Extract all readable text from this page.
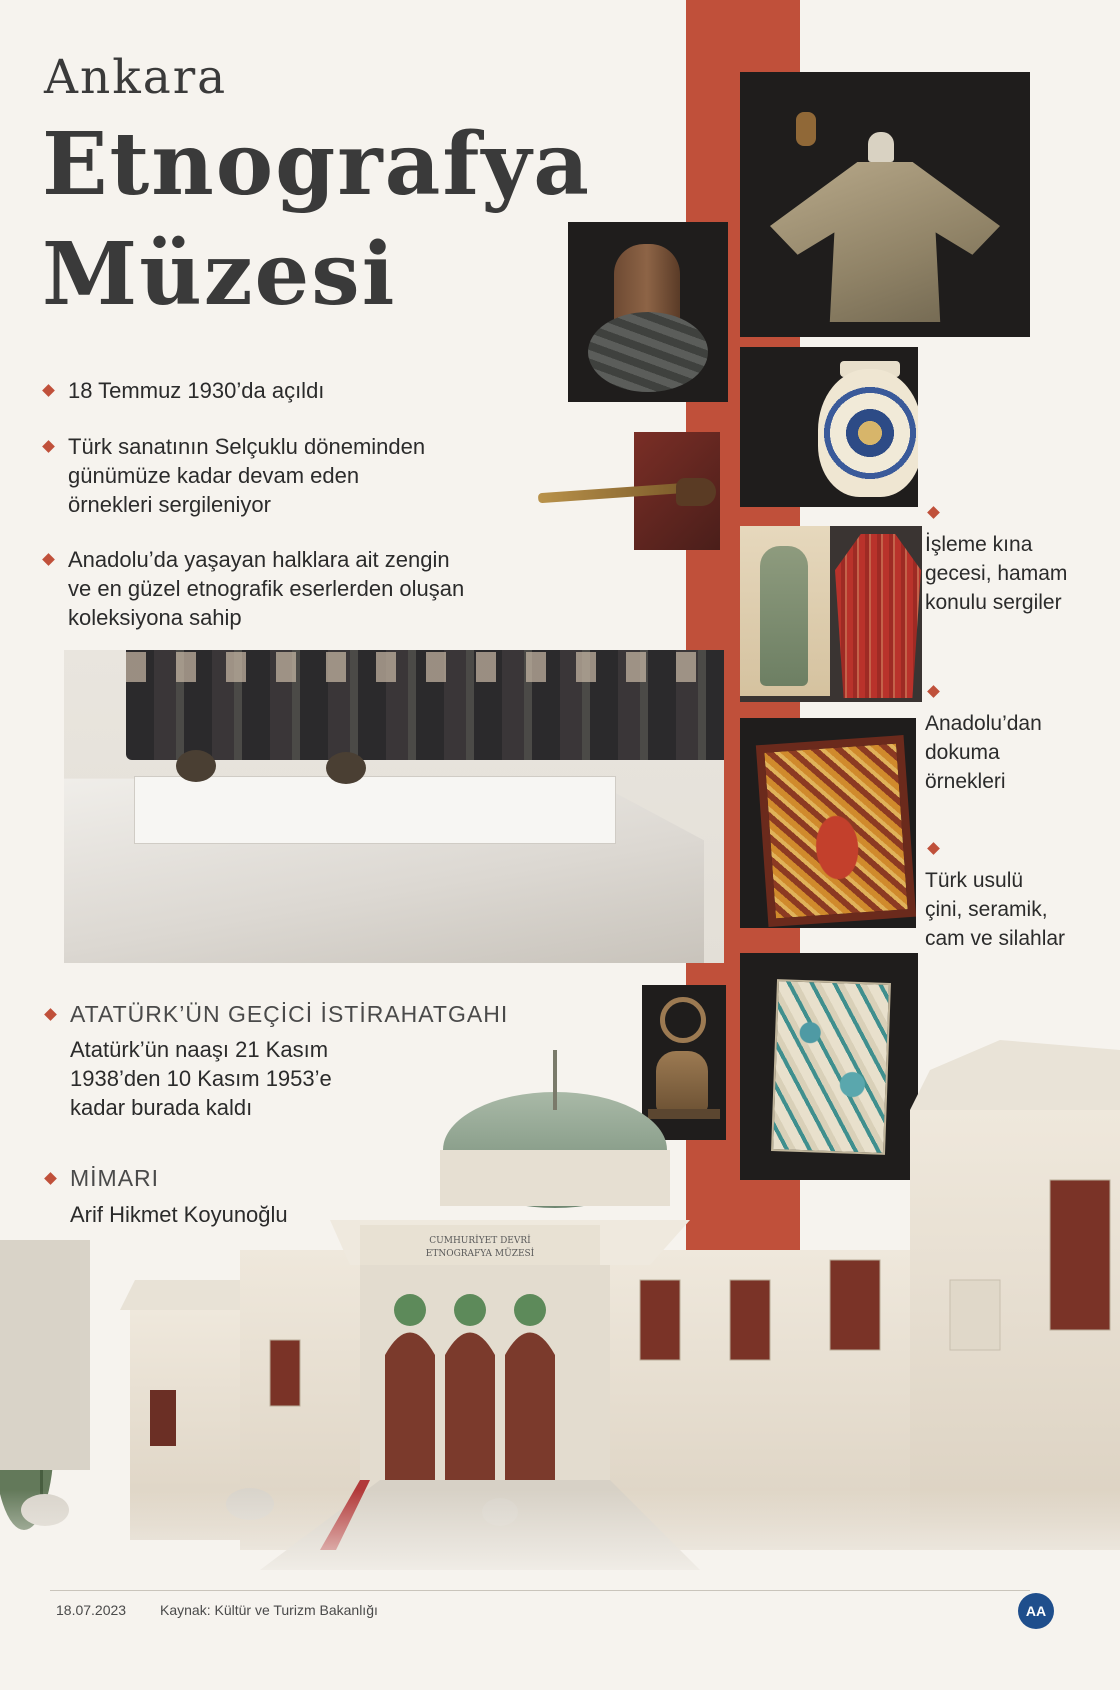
Ankara
Etnografya
Müzesi
18 Temmuz 1930’da açıldı
Türk sanatının Selçuklu döneminden
günümüze kadar devam eden
örnekleri sergileniyor
Anadolu’da yaşayan halklara ait zengin
ve en güzel etnografik eserlerden oluşan
koleksiyona sahip
ATATÜRK’ÜN GEÇİCİ İSTİRAHATGAHI
Atatürk’ün naaşı 21 Kasım
1938’den 10 Kasım 1953’e
kadar burada kaldı
MİMARI
Arif Hikmet Koyunoğlu
İşleme kına
gecesi, hamam
konulu sergiler
Anadolu’dan
dokuma
örnekleri
Türk usulü
çini, seramik,
cam ve silahlar
CUMHURİYET DEVRİ
ETNOGRAFYA MÜZESİ
18.07.2023 Kaynak: Kültür ve Turizm Bakanlığı	AA
